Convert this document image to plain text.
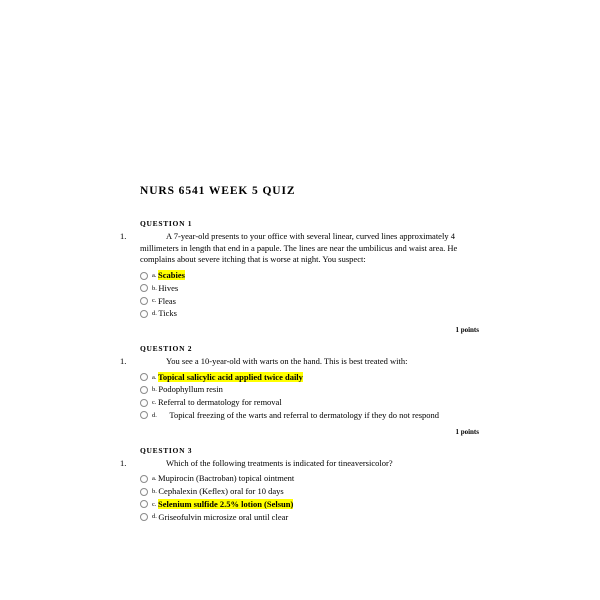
NURS 6541 WEEK 5 QUIZ
QUESTION 1
1.	A 7-year-old presents to your office with several linear, curved lines approximately 4 millimeters in length that end in a papule. The lines are near the umbilicus and waist area. He complains about severe itching that is worse at night. You suspect:

a. Scabies
b. Hives
c. Fleas
d. Ticks
1 points
QUESTION 2
1.	You see a 10-year-old with warts on the hand. This is best treated with:

a. Topical salicylic acid applied twice daily
b. Podophyllum resin
c. Referral to dermatology for removal
d. Topical freezing of the warts and referral to dermatology if they do not respond
1 points
QUESTION 3
1.	Which of the following treatments is indicated for tineaversicolor?

a. Mupirocin (Bactroban) topical ointment
b. Cephalexin (Keflex) oral for 10 days
c. Selenium sulfide 2.5% lotion (Selsun)
d. Griseofulvin microsize oral until clear
